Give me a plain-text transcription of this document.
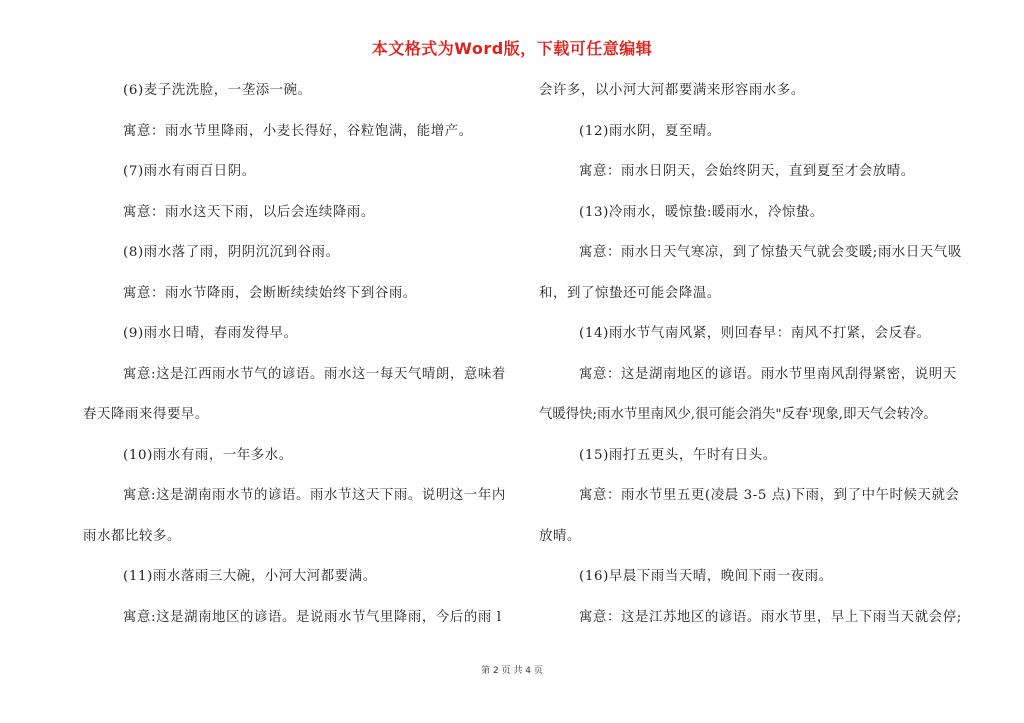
本文格式为Word版，下载可任意编辑
(6)麦子洗洗脸，一垄添一碗。
寓意：雨水节里降雨，小麦长得好，谷粒饱满，能增产。
(7)雨水有雨百日阴。
寓意：雨水这天下雨，以后会连续降雨。
(8)雨水落了雨，阴阴沉沉到谷雨。
寓意：雨水节降雨，会断断续续始终下到谷雨。
(9)雨水日晴，春雨发得早。
寓意:这是江西雨水节气的谚语。雨水这一每天气晴朗，意味着
春天降雨来得要早。
(10)雨水有雨，一年多水。
寓意:这是湖南雨水节的谚语。雨水节这天下雨。说明这一年内
雨水都比较多。
(11)雨水落雨三大碗，小河大河都要满。
寓意:这是湖南地区的谚语。是说雨水节气里降雨，今后的雨 l
会许多，以小河大河都要满来形容雨水多。
(12)雨水阴，夏至晴。
寓意：雨水日阴天，会始终阴天，直到夏至才会放晴。
(13)冷雨水，暖惊蛰:暖雨水，冷惊蛰。
寓意：雨水日天气寒凉，到了惊蛰天气就会变暖;雨水日天气吸
和，到了惊蛰还可能会降温。
(14)雨水节气南风紧，则回春早：南风不打紧，会反春。
寓意：这是湖南地区的谚语。雨水节里南风刮得紧密，说明天
气暖得快;雨水节里南风少,很可能会消失"反春'现象,即天气会转冷。
(15)雨打五更头，午时有日头。
寓意：雨水节里五更(凌晨 3-5 点)下雨，到了中午时候天就会
放晴。
(16)早晨下雨当天晴，晚间下雨一夜雨。
寓意：这是江苏地区的谚语。雨水节里，早上下雨当天就会停;
第 2 页 共 4 页
